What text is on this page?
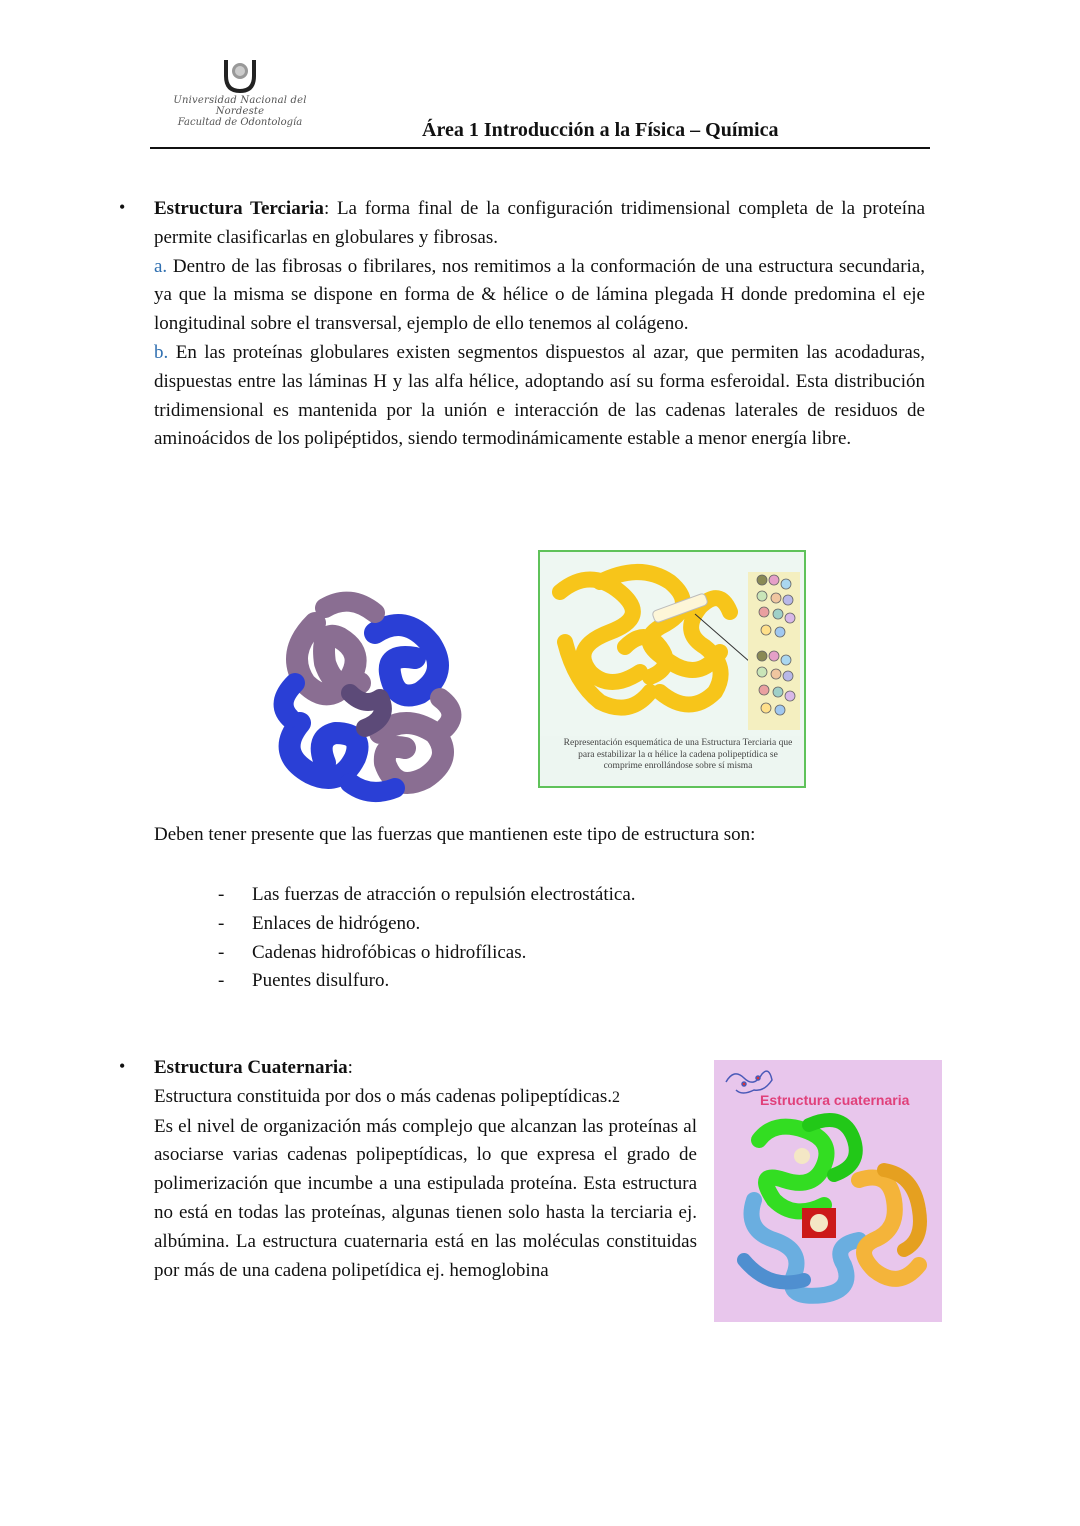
Universidad Nacional del Nordeste
Facultad de Odontología	Área 1 Introducción a la Física – Química
• Estructura Terciaria: La forma final de la configuración tridimensional completa de la proteína permite clasificarlas en globulares y fibrosas.

a. Dentro de las fibrosas o fibrilares, nos remitimos a la conformación de una estructura secundaria, ya que la misma se dispone en forma de & hélice o de lámina plegada H donde predomina el eje longitudinal sobre el transversal, ejemplo de ello tenemos al colágeno.

b. En las proteínas globulares existen segmentos dispuestos al azar, que permiten las acodaduras, dispuestas entre las láminas H y las alfa hélice, adoptando así su forma esferoidal. Esta distribución tridimensional es mantenida por la unión e interacción de las cadenas laterales de residuos de aminoácidos de los polipéptidos, siendo termodinámicamente estable a menor energía libre.

Representación esquemática de una Estructura Terciaria que para estabilizar la α hélice la cadena polipeptídica se comprime enrollándose sobre sí misma
Deben tener presente que las fuerzas que mantienen este tipo de estructura son:
- Las fuerzas de atracción o repulsión electrostática.
- Enlaces de hidrógeno.
- Cadenas hidrofóbicas o hidrofílicas.
- Puentes disulfuro.
• Estructura Cuaternaria:
Estructura constituida por dos o más cadenas polipeptídicas.2

Es el nivel de organización más complejo que alcanzan las proteínas al asociarse varias cadenas polipeptídicas, lo que expresa el grado de polimerización que incumbe a una estipulada proteína. Esta estructura no está en todas las proteínas, algunas tienen solo hasta la terciaria ej. albúmina. La estructura cuaternaria está en las moléculas constituidas por más de una cadena polipetídica ej. hemoglobina

Estructura cuaternaria
